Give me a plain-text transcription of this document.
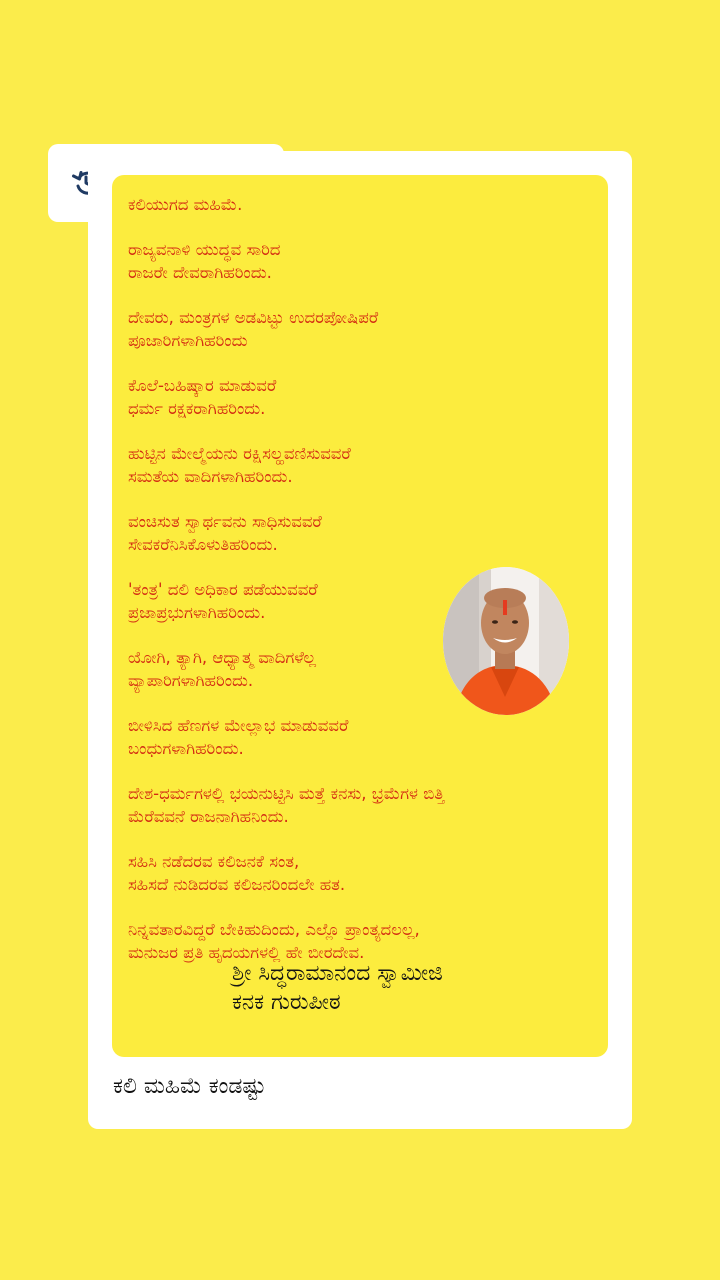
ಕಲಿಯುಗದ ಮಹಿಮೆ.
ರಾಜ್ಯವನಾಳಿ ಯುದ್ಧವ ಸಾರಿದ
ರಾಜರೇ ದೇವರಾಗಿಹರಿಂದು.
ದೇವರು, ಮಂತ್ರಗಳ ಅಡವಿಟ್ಟು ಉದರಪೋಷಿಪರೆ
ಪೂಜಾರಿಗಳಾಗಿಹರಿಂದು
ಕೊಲೆ-ಬಹಿಷ್ಕಾರ ಮಾಡುವರೆ
ಧರ್ಮ ರಕ್ಷಕರಾಗಿಹರಿಂದು.
ಹುಟ್ಟಿನ ಮೇಲ್ಮೆಯನು ರಕ್ಷಿಸಲ್ಹವಣಿಸುವವರೆ
ಸಮತೆಯ ವಾದಿಗಳಾಗಿಹರಿಂದು.
ವಂಚಿಸುತ ಸ್ವಾರ್ಥವನು ಸಾಧಿಸುವವರೆ
ಸೇವಕರೆನಿಸಿಕೊಳುತಿಹರಿಂದು.
'ತಂತ್ರ' ದಲಿ ಅಧಿಕಾರ ಪಡೆಯುವವರೆ
ಪ್ರಜಾಪ್ರಭುಗಳಾಗಿಹರಿಂದು.
ಯೋಗಿ, ತ್ಯಾಗಿ, ಆಧ್ಯಾತ್ಮ ವಾದಿಗಳೆಲ್ಲ
ವ್ಯಾಪಾರಿಗಳಾಗಿಹರಿಂದು.
ಬೀಳಿಸಿದ ಹೆಣಗಳ ಮೇಲ್ಲಾಭ ಮಾಡುವವರೆ
ಬಂಧುಗಳಾಗಿಹರಿಂದು.
ದೇಶ-ಧರ್ಮಗಳಲ್ಲಿ ಭಯನುಟ್ಟಿಸಿ ಮತ್ತೆ ಕನಸು, ಭ್ರಮೆಗಳ ಬಿತ್ತಿ
ಮೆರೆವವನೆ ರಾಜನಾಗಿಹನಿಂದು.
ಸಹಿಸಿ ನಡೆದರವ ಕಲಿಜನಕೆ ಸಂತ,
ಸಹಿಸದೆ ನುಡಿದರವ ಕಲಿಜನರಿಂದಲೇ ಹತ.
ನಿನ್ನವತಾರವಿದ್ದರೆ ಬೇಕಿಹುದಿಂದು, ಎಲ್ಲೊ ಪ್ರಾಂತ್ಯದಲಲ್ಲ,
ಮನುಜರ ಪ್ರತಿ ಹೃದಯಗಳಲ್ಲಿ ಹೇ ಬೀರದೇವ.
ಶ್ರೀ ಸಿದ್ಧರಾಮಾನಂದ ಸ್ವಾಮೀಜಿ
ಕನಕ ಗುರುಪೀಠ
ಕಲಿ ಮಹಿಮೆ ಕಂಡಷ್ಟು
